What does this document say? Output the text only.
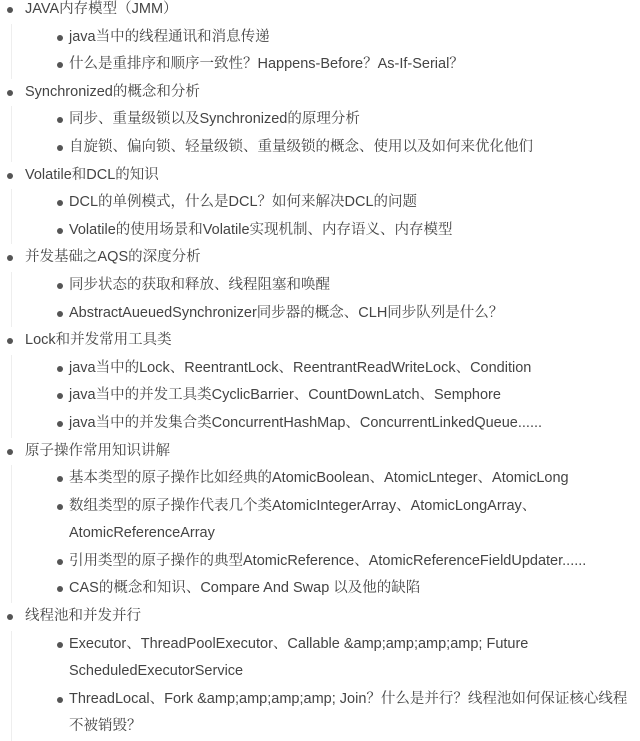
JAVA内存模型（JMM）
java当中的线程通讯和消息传递
什么是重排序和顺序一致性？Happens-Before？As-If-Serial？
Synchronized的概念和分析
同步、重量级锁以及Synchronized的原理分析
自旋锁、偏向锁、轻量级锁、重量级锁的概念、使用以及如何来优化他们
Volatile和DCL的知识
DCL的单例模式，什么是DCL？如何来解决DCL的问题
Volatile的使用场景和Volatile实现机制、内存语义、内存模型
并发基础之AQS的深度分析
同步状态的获取和释放、线程阻塞和唤醒
AbstractAueuedSynchronizer同步器的概念、CLH同步队列是什么？
Lock和并发常用工具类
java当中的Lock、ReentrantLock、ReentrantReadWriteLock、Condition
java当中的并发工具类CyclicBarrier、CountDownLatch、Semphore
java当中的并发集合类ConcurrentHashMap、ConcurrentLinkedQueue......
原子操作常用知识讲解
基本类型的原子操作比如经典的AtomicBoolean、AtomicLnteger、AtomicLong
数组类型的原子操作代表几个类AtomicIntegerArray、AtomicLongArray、AtomicReferenceArray
引用类型的原子操作的典型AtomicReference、AtomicReferenceFieldUpdater......
CAS的概念和知识、Compare And Swap 以及他的缺陷
线程池和并发并行
Executor、ThreadPoolExecutor、Callable &amp;amp;amp;amp; Future ScheduledExecutorService
ThreadLocal、Fork &amp;amp;amp;amp; Join？什么是并行？线程池如何保证核心线程不被销毁？
